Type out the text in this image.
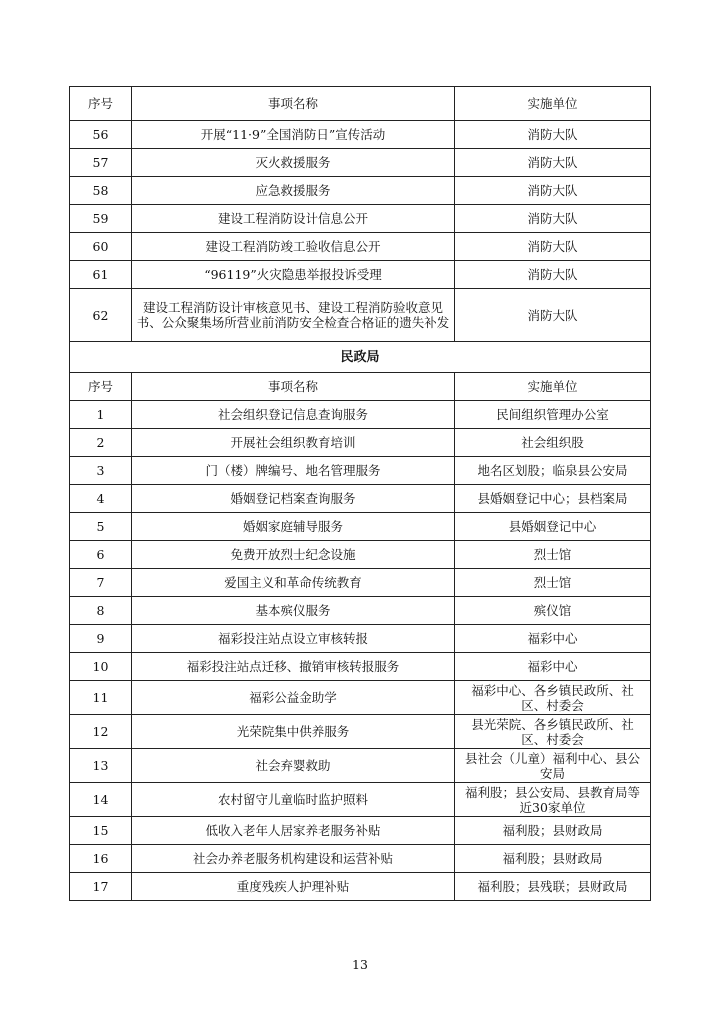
序号	事项名称	实施单位
56	开展“11·9”全国消防日”宣传活动	消防大队
57	灭火救援服务	消防大队
58	应急救援服务	消防大队
59	建设工程消防设计信息公开	消防大队
60	建设工程消防竣工验收信息公开	消防大队
61	“96119”火灾隐患举报投诉受理	消防大队
62	建设工程消防设计审核意见书、建设工程消防验收意见书、公众聚集场所营业前消防安全检查合格证的遗失补发	消防大队
民政局		
序号	事项名称	实施单位
1	社会组织登记信息查询服务	民间组织管理办公室
2	开展社会组织教育培训	社会组织股
3	门（楼）牌编号、地名管理服务	地名区划股；临泉县公安局
4	婚姻登记档案查询服务	县婚姻登记中心；县档案局
5	婚姻家庭辅导服务	县婚姻登记中心
6	免费开放烈士纪念设施	烈士馆
7	爱国主义和革命传统教育	烈士馆
8	基本殡仪服务	殡仪馆
9	福彩投注站点设立审核转报	福彩中心
10	福彩投注站点迁移、撤销审核转报服务	福彩中心
11	福彩公益金助学	福彩中心、各乡镇民政所、社区、村委会
12	光荣院集中供养服务	县光荣院、各乡镇民政所、社区、村委会
13	社会弃婴救助	县社会（儿童）福利中心、县公安局
14	农村留守儿童临时监护照料	福利股；县公安局、县教育局等近30家单位
15	低收入老年人居家养老服务补贴	福利股；县财政局
16	社会办养老服务机构建设和运营补贴	福利股；县财政局
17	重度残疾人护理补贴	福利股；县残联；县财政局
13
